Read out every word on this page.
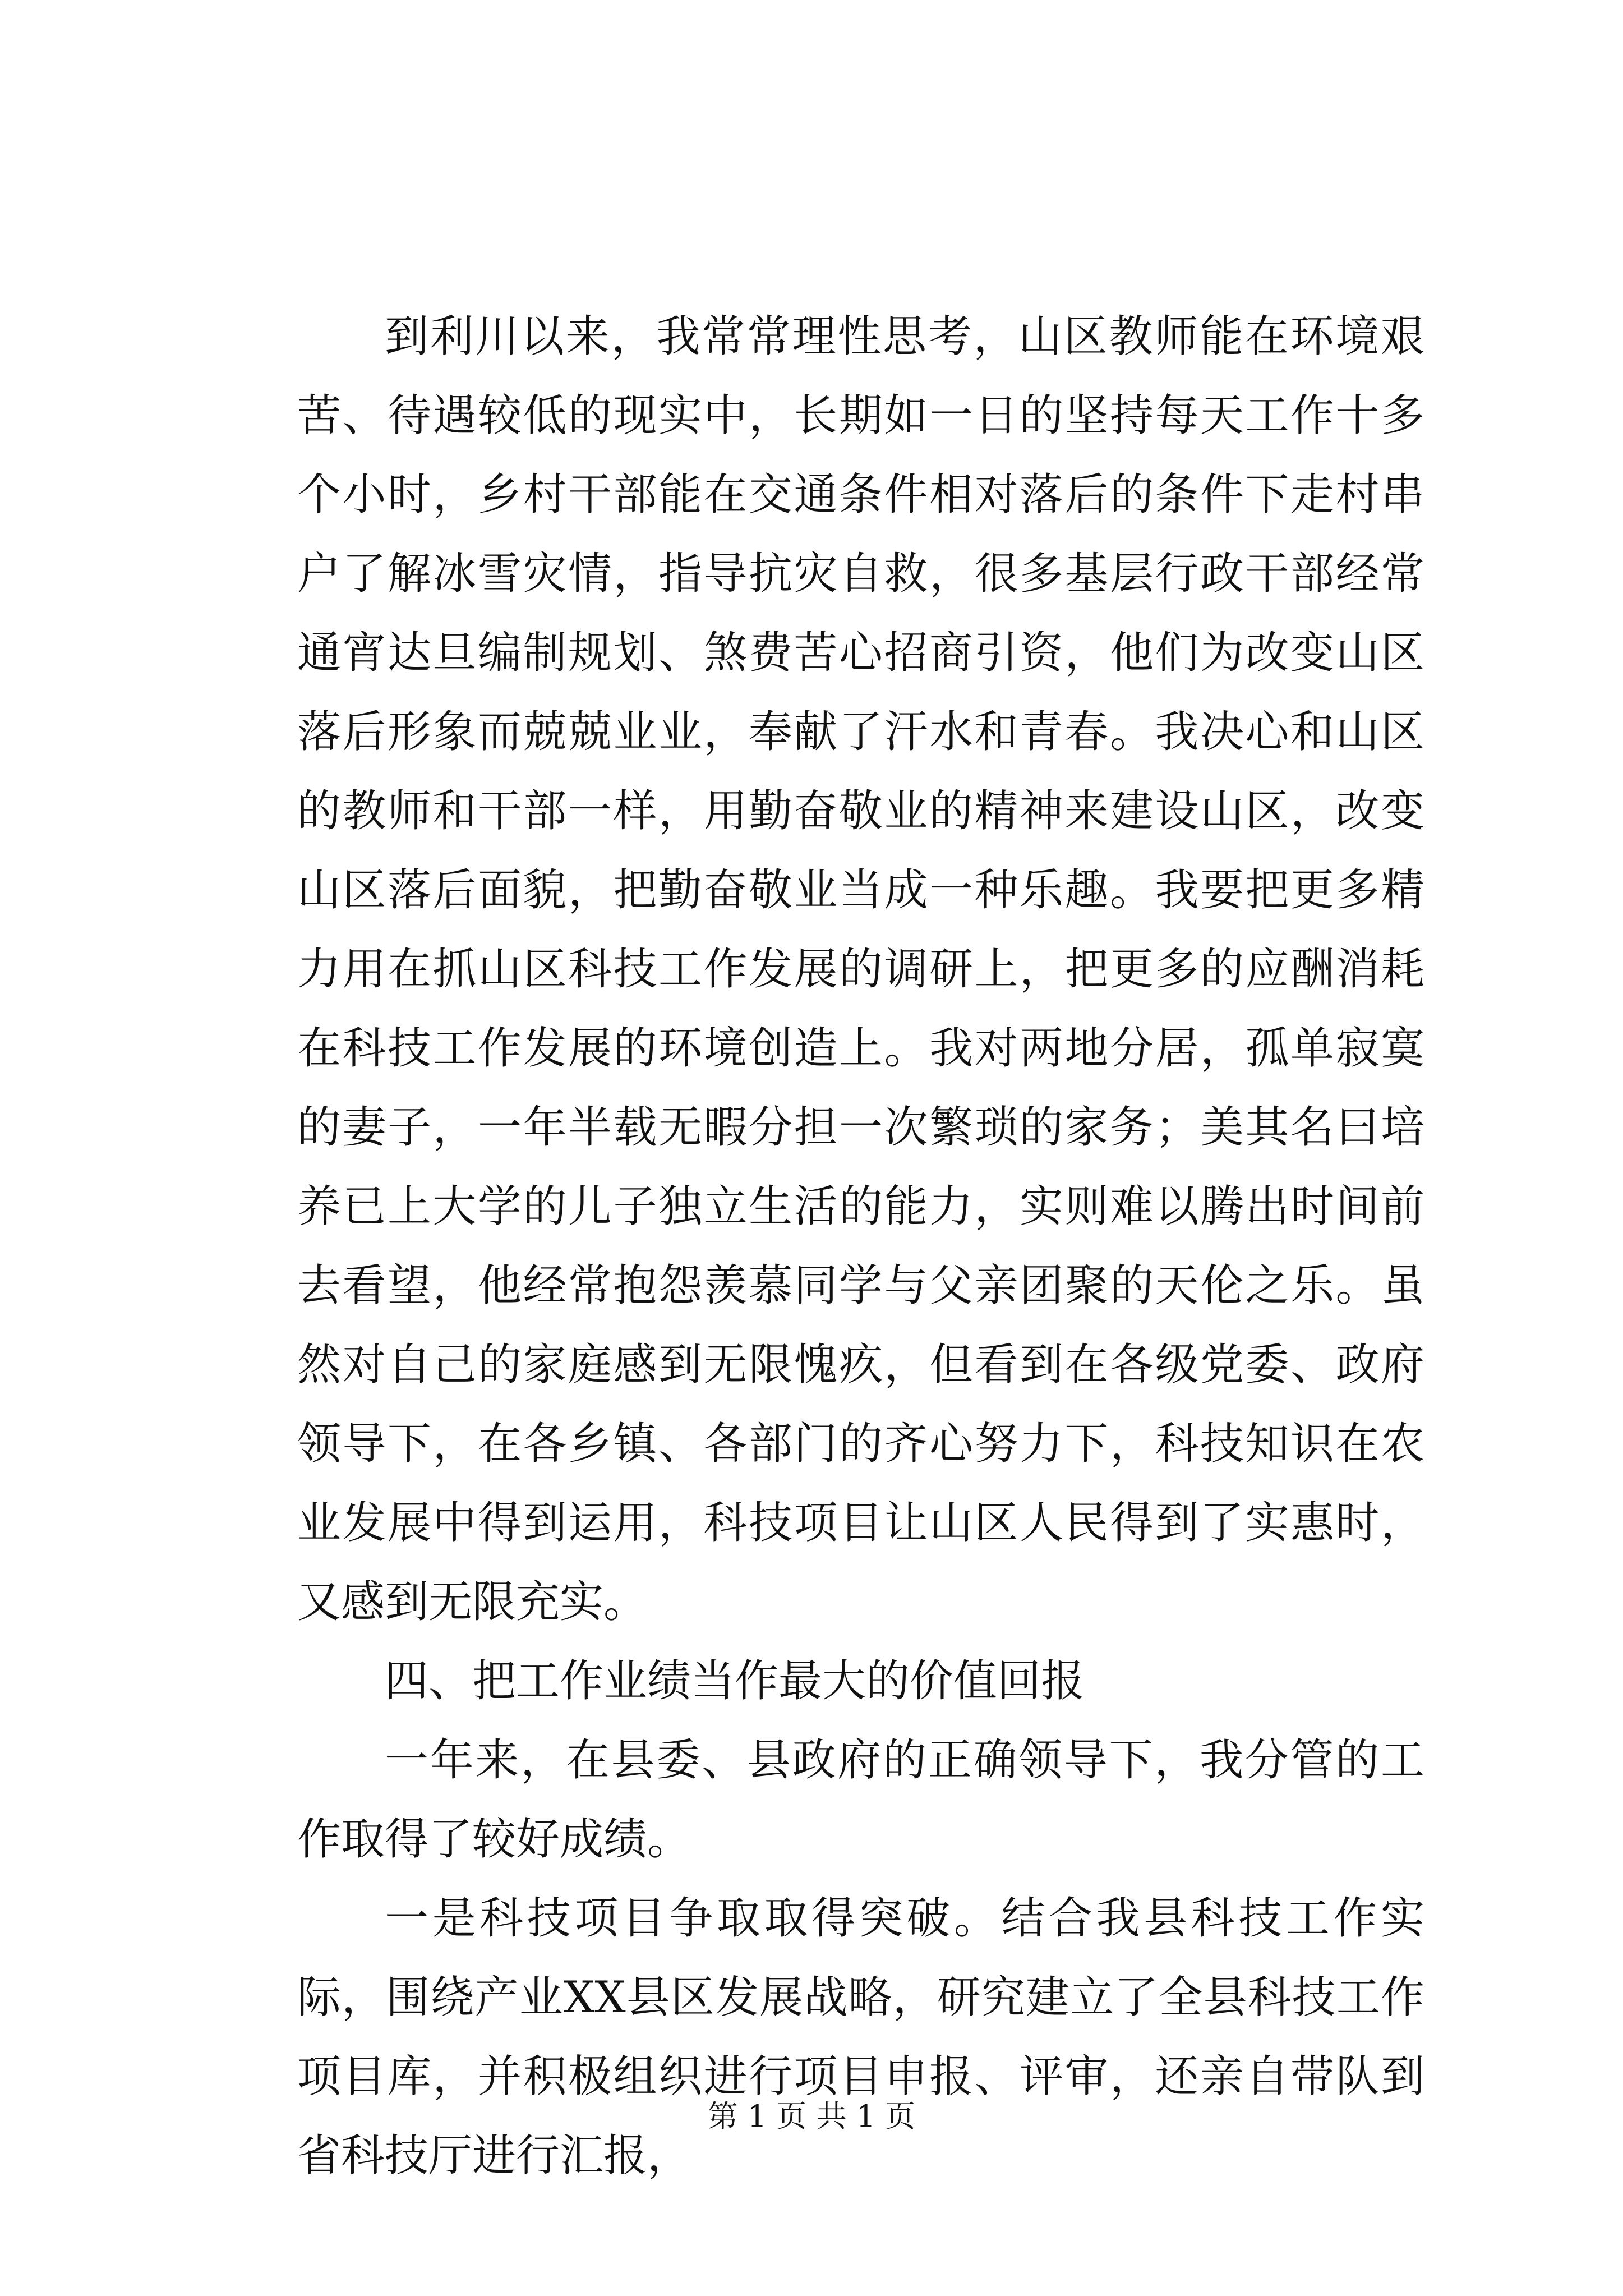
到利川以来，我常常理性思考，山区教师能在环境艰苦、待遇较低的现实中，长期如一日的坚持每天工作十多个小时，乡村干部能在交通条件相对落后的条件下走村串户了解冰雪灾情，指导抗灾自救，很多基层行政干部经常通宵达旦编制规划、煞费苦心招商引资，他们为改变山区落后形象而兢兢业业，奉献了汗水和青春。我决心和山区的教师和干部一样，用勤奋敬业的精神来建设山区，改变山区落后面貌，把勤奋敬业当成一种乐趣。我要把更多精力用在抓山区科技工作发展的调研上，把更多的应酬消耗在科技工作发展的环境创造上。我对两地分居，孤单寂寞的妻子，一年半载无暇分担一次繁琐的家务；美其名曰培养已上大学的儿子独立生活的能力，实则难以腾出时间前去看望，他经常抱怨羡慕同学与父亲团聚的天伦之乐。虽然对自己的家庭感到无限愧疚，但看到在各级党委、政府领导下，在各乡镇、各部门的齐心努力下，科技知识在农业发展中得到运用，科技项目让山区人民得到了实惠时，又感到无限充实。

四、把工作业绩当作最大的价值回报

一年来，在县委、县政府的正确领导下，我分管的工作取得了较好成绩。

一是科技项目争取取得突破。结合我县科技工作实际，围绕产业XX县区发展战略，研究建立了全县科技工作项目库，并积极组织进行项目申报、评审，还亲自带队到省科技厅进行汇报，

第 1 页 共 1 页
